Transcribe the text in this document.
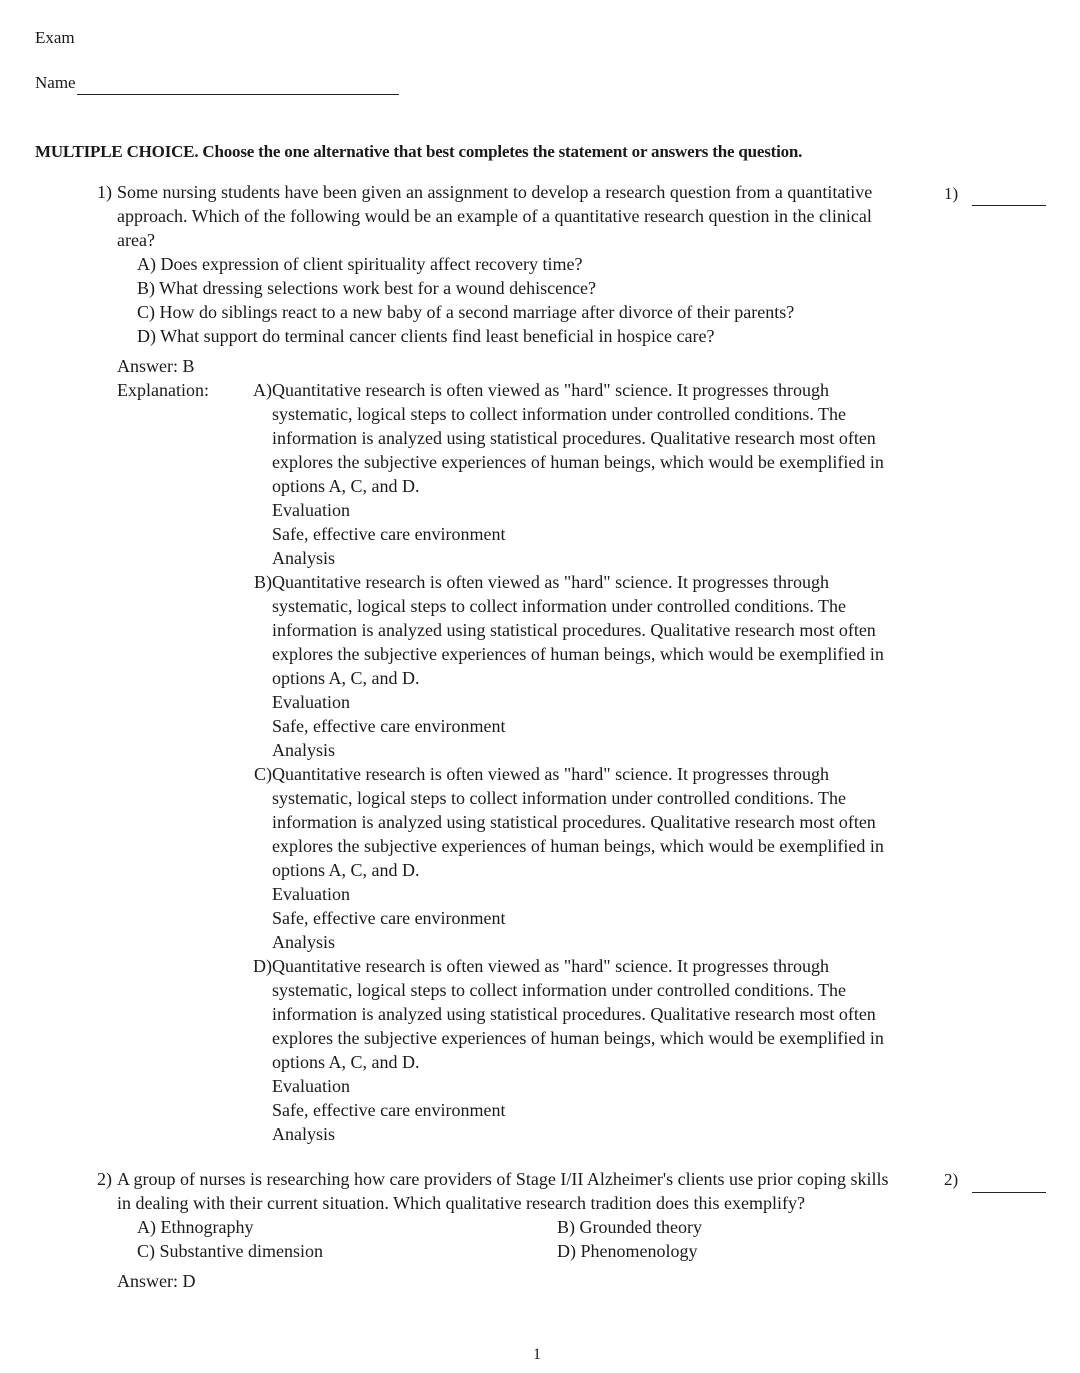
Exam
Name
MULTIPLE CHOICE. Choose the one alternative that best completes the statement or answers the question.
1) Some nursing students have been given an assignment to develop a research question from a quantitative approach. Which of the following would be an example of a quantitative research question in the clinical area?
A) Does expression of client spirituality affect recovery time?
B) What dressing selections work best for a wound dehiscence?
C) How do siblings react to a new baby of a second marriage after divorce of their parents?
D) What support do terminal cancer clients find least beneficial in hospice care?
Answer: B
Explanation:	A) Quantitative research is often viewed as "hard" science. It progresses through systematic, logical steps to collect information under controlled conditions. The information is analyzed using statistical procedures. Qualitative research most often explores the subjective experiences of human beings, which would be exemplified in options A, C, and D.
Evaluation
Safe, effective care environment
Analysis
B) Quantitative research is often viewed as "hard" science. It progresses through systematic, logical steps to collect information under controlled conditions. The information is analyzed using statistical procedures. Qualitative research most often explores the subjective experiences of human beings, which would be exemplified in options A, C, and D.
Evaluation
Safe, effective care environment
Analysis
C) Quantitative research is often viewed as "hard" science. It progresses through systematic, logical steps to collect information under controlled conditions. The information is analyzed using statistical procedures. Qualitative research most often explores the subjective experiences of human beings, which would be exemplified in options A, C, and D.
Evaluation
Safe, effective care environment
Analysis
D) Quantitative research is often viewed as "hard" science. It progresses through systematic, logical steps to collect information under controlled conditions. The information is analyzed using statistical procedures. Qualitative research most often explores the subjective experiences of human beings, which would be exemplified in options A, C, and D.
Evaluation
Safe, effective care environment
Analysis
1)
2) A group of nurses is researching how care providers of Stage I/II Alzheimer's clients use prior coping skills in dealing with their current situation. Which qualitative research tradition does this exemplify?
A) Ethnography	B) Grounded theory
C) Substantive dimension	D) Phenomenology
Answer: D
2)
1
